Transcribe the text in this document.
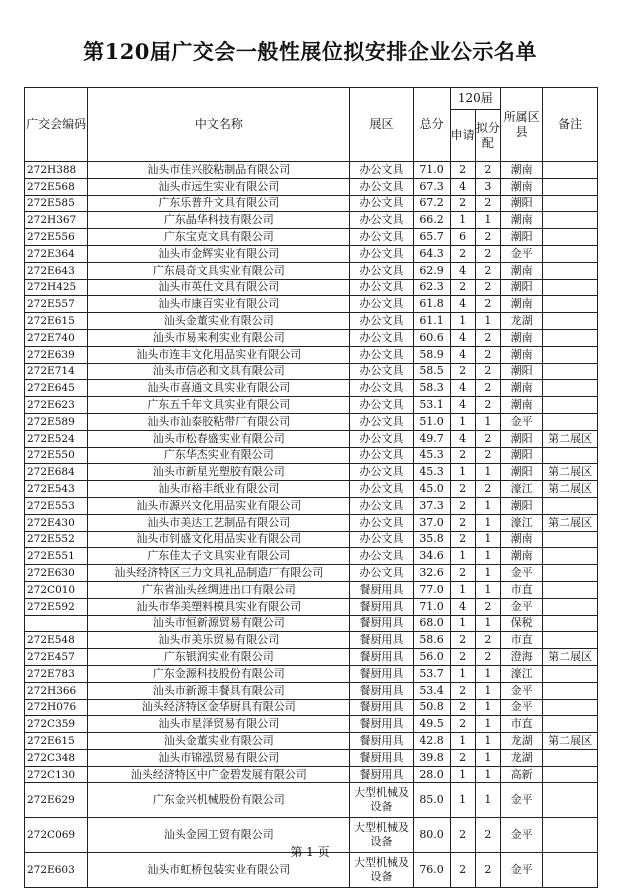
第120届广交会一般性展位拟安排企业公示名单
广交会编码	中文名称	展区	总分	120届		所属区县	备注
				申请	拟分配		
272H388	汕头市佳兴胶粘制品有限公司	办公文具	71.0	2	2	潮南	
272E568	汕头市远生实业有限公司	办公文具	67.3	4	3	潮南	
272E585	广东乐普升文具有限公司	办公文具	67.2	2	2	潮阳	
272H367	广东晶华科技有限公司	办公文具	66.2	1	1	潮南	
272E556	广东宝克文具有限公司	办公文具	65.7	6	2	潮阳	
272E364	汕头市金辉实业有限公司	办公文具	64.3	2	2	金平	
272E643	广东晨奇文具实业有限公司	办公文具	62.9	4	2	潮南	
272H425	汕头市英仕文具有限公司	办公文具	62.3	2	2	潮阳	
272E557	汕头市康百实业有限公司	办公文具	61.8	4	2	潮南	
272E615	汕头金董实业有限公司	办公文具	61.1	1	1	龙湖	
272E740	汕头市易来利实业有限公司	办公文具	60.6	4	2	潮南	
272E639	汕头市连丰文化用品实业有限公司	办公文具	58.9	4	2	潮南	
272E714	汕头市信必和文具有限公司	办公文具	58.5	2	2	潮阳	
272E645	汕头市喜通文具实业有限公司	办公文具	58.3	4	2	潮南	
272E623	广东五千年文具实业有限公司	办公文具	53.1	4	2	潮南	
272E589	汕头市汕泰胶粘带厂有限公司	办公文具	51.0	1	1	金平	
272E524	汕头市松春盛实业有限公司	办公文具	49.7	4	2	潮阳	第二展区
272E550	广东华杰实业有限公司	办公文具	45.3	2	2	潮阳	
272E684	汕头市新星光塑胶有限公司	办公文具	45.3	1	1	潮阳	第二展区
272E543	汕头市裕丰纸业有限公司	办公文具	45.0	2	2	濠江	第二展区
272E553	汕头市源兴文化用品实业有限公司	办公文具	37.3	2	1	潮阳	
272E430	汕头市美达工艺制品有限公司	办公文具	37.0	2	1	濠江	第二展区
272E552	汕头市钊盛文化用品实业有限公司	办公文具	35.8	2	1	潮南	
272E551	广东佳太子文具实业有限公司	办公文具	34.6	1	1	潮南	
272E630	汕头经济特区三力文具礼品制造厂有限公司	办公文具	32.6	2	1	金平	
272C010	广东省汕头丝绸进出口有限公司	餐厨用具	77.0	1	1	市直	
272E592	汕头市华美塑料模具实业有限公司	餐厨用具	71.0	4	2	金平	
	汕头市恒新源贸易有限公司	餐厨用具	68.0	1	1	保税	
272E548	汕头市美乐贸易有限公司	餐厨用具	58.6	2	2	市直	
272E457	广东银润实业有限公司	餐厨用具	56.0	2	2	澄海	第二展区
272E783	广东金源科技股份有限公司	餐厨用具	53.7	1	1	濠江	
272H366	汕头市新源丰餐具有限公司	餐厨用具	53.4	2	1	金平	
272H076	汕头经济特区金华厨具有限公司	餐厨用具	50.8	2	1	金平	
272C359	汕头市星泽贸易有限公司	餐厨用具	49.5	2	1	市直	
272E615	汕头金董实业有限公司	餐厨用具	42.8	1	1	龙湖	第二展区
272C348	汕头市锦泓贸易有限公司	餐厨用具	39.8	2	1	龙湖	
272C130	汕头经济特区中广金碧发展有限公司	餐厨用具	28.0	1	1	高新	
272E629	广东金兴机械股份有限公司	大型机械及设备	85.0	1	1	金平	
272C069	汕头金园工贸有限公司	大型机械及设备	80.0	2	2	金平	
272E603	汕头市虹桥包装实业有限公司	大型机械及设备	76.0	2	2	金平	
第 1 页
